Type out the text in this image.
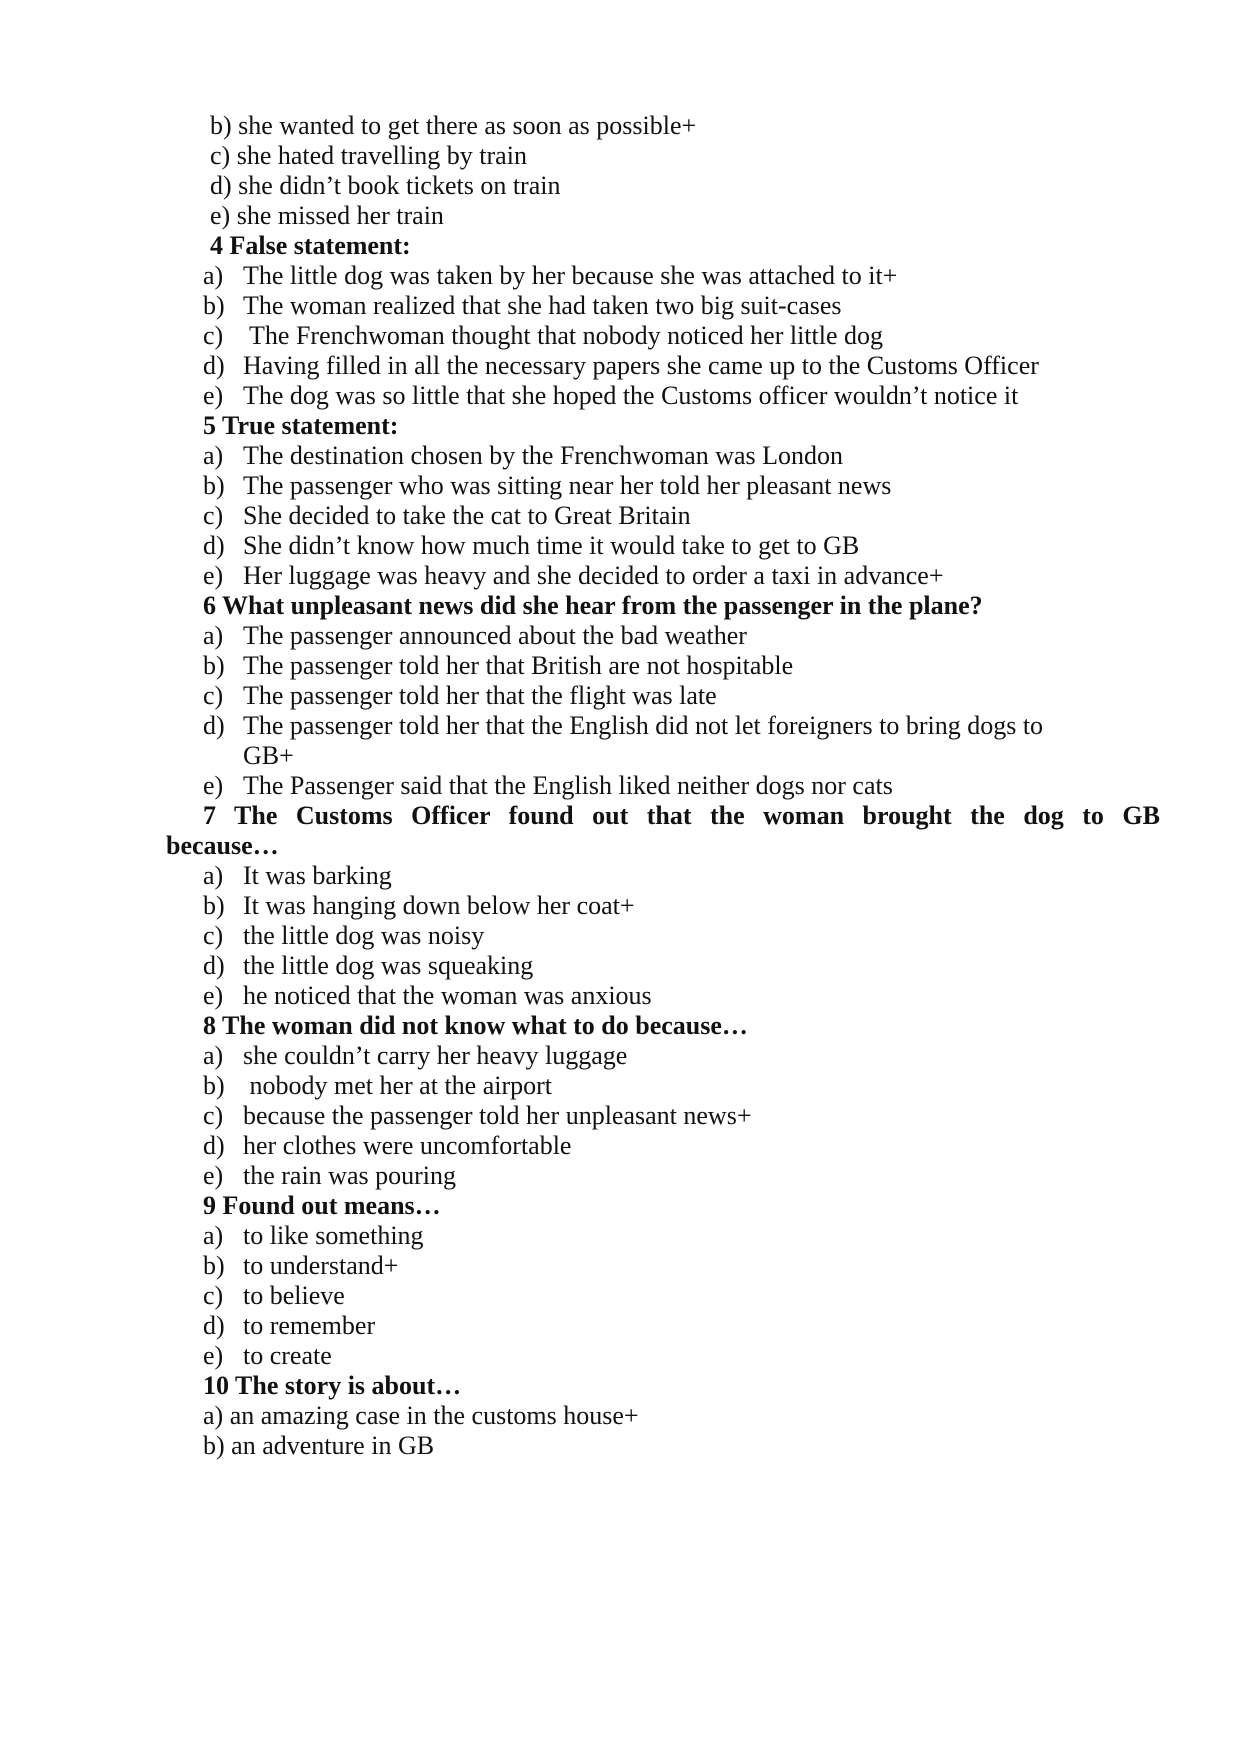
b) she wanted to get there as soon as possible+
c) she hated travelling by train
d) she didn’t book tickets on train
e) she missed her train
4 False statement:
a) The little dog was taken by her because she was attached to it+
b) The woman realized that she had taken two big suit-cases
c) The Frenchwoman thought that nobody noticed her little dog
d) Having filled in all the necessary papers she came up to the Customs Officer
e) The dog was so little that she hoped the Customs officer wouldn’t notice it
5 True statement:
a) The destination chosen by the Frenchwoman was London
b) The passenger who was sitting near her told her pleasant news
c) She decided to take the cat to Great Britain
d) She didn’t know how much time it would take to get to GB
e) Her luggage was heavy and she decided to order a taxi in advance+
6 What unpleasant news did she hear from the passenger in the plane?
a) The passenger announced about the bad weather
b) The passenger told her that British are not hospitable
c) The passenger told her that the flight was late
d) The passenger told her that the English did not let foreigners to bring dogs to
GB+
e) The Passenger said that the English liked neither dogs nor cats
7 The Customs Officer found out that the woman brought the dog to GB
because…
a) It was barking
b) It was hanging down below her coat+
c) the little dog was noisy
d) the little dog was squeaking
e) he noticed that the woman was anxious
8 The woman did not know what to do because…
a) she couldn’t carry her heavy luggage
b) nobody met her at the airport
c) because the passenger told her unpleasant news+
d) her clothes were uncomfortable
e) the rain was pouring
9 Found out means…
a) to like something
b) to understand+
c) to believe
d) to remember
e) to create
10 The story is about…
a) an amazing case in the customs house+
b) an adventure in GB
